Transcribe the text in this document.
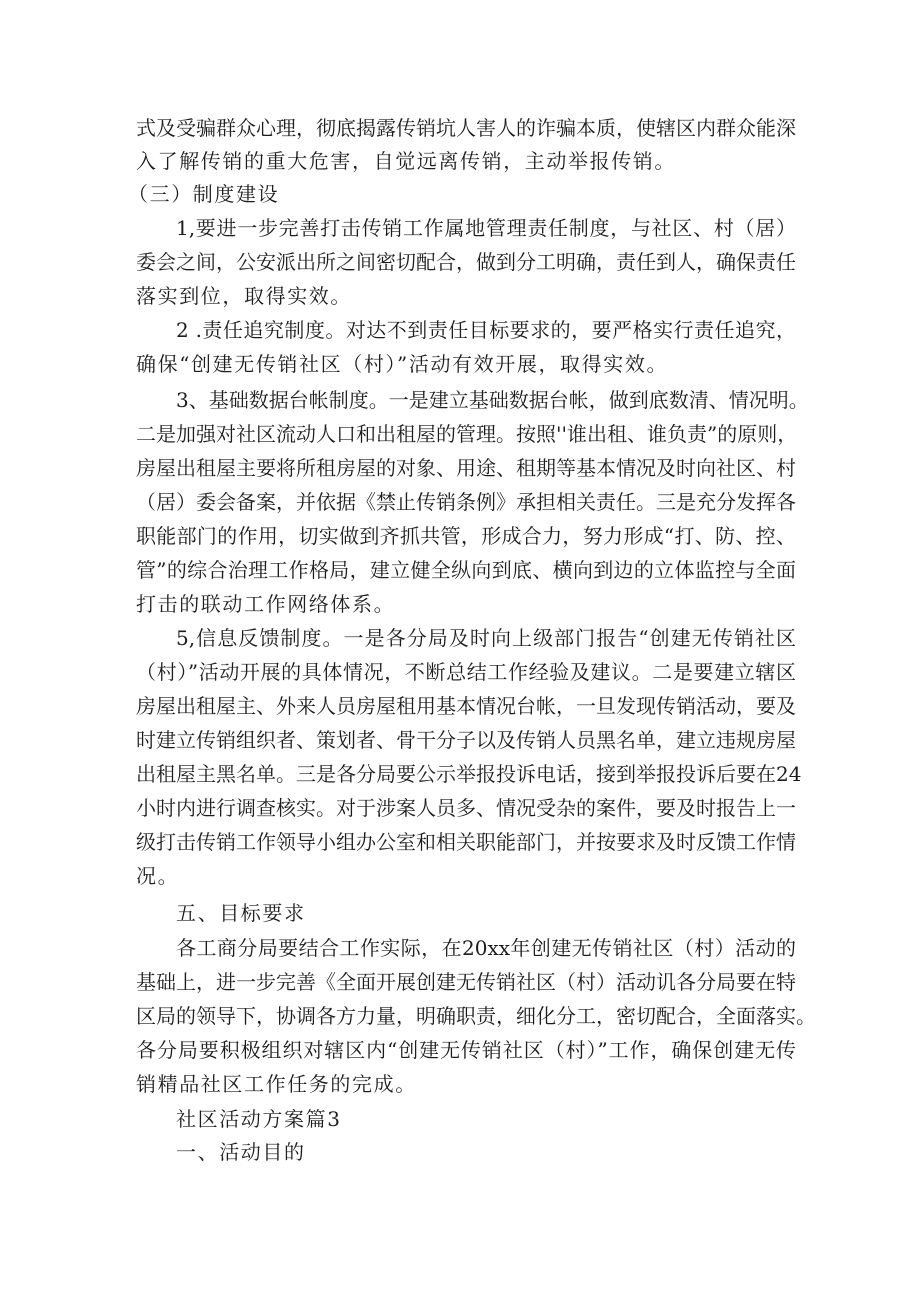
式及受骗群众心理，彻底揭露传销坑人害人的诈骗本质，使辖区内群众能深
入了解传销的重大危害，自觉远离传销，主动举报传销。
（三）制度建设
1,要进一步完善打击传销工作属地管理责任制度，与社区、村（居）
委会之间，公安派出所之间密切配合，做到分工明确，责任到人，确保责任
落实到位，取得实效。
2 .责任追究制度。对达不到责任目标要求的，要严格实行责任追究，
确保“创建无传销社区（村）”活动有效开展，取得实效。
3、基础数据台帐制度。一是建立基础数据台帐，做到底数清、情况明。
二是加强对社区流动人口和出租屋的管理。按照''谁出租、谁负责”的原则，
房屋出租屋主要将所租房屋的对象、用途、租期等基本情况及时向社区、村
（居）委会备案，并依据《禁止传销条例》承担相关责任。三是充分发挥各
职能部门的作用，切实做到齐抓共管，形成合力，努力形成“打、防、控、
管”的综合治理工作格局，建立健全纵向到底、横向到边的立体监控与全面
打击的联动工作网络体系。
5,信息反馈制度。一是各分局及时向上级部门报告“创建无传销社区
（村）”活动开展的具体情况，不断总结工作经验及建议。二是要建立辖区
房屋出租屋主、外来人员房屋租用基本情况台帐，一旦发现传销活动，要及
时建立传销组织者、策划者、骨干分子以及传销人员黑名单，建立违规房屋
出租屋主黑名单。三是各分局要公示举报投诉电话，接到举报投诉后要在24
小时内进行调查核实。对于涉案人员多、情况受杂的案件，要及时报告上一
级打击传销工作领导小组办公室和相关职能部门，并按要求及时反馈工作情
况。
五、目标要求
各工商分局要结合工作实际，在20xx年创建无传销社区（村）活动的
基础上，进一步完善《全面开展创建无传销社区（村）活动讥各分局要在特
区局的领导下，协调各方力量，明确职责，细化分工，密切配合，全面落实。
各分局要积极组织对辖区内“创建无传销社区（村）”工作，确保创建无传
销精品社区工作任务的完成。
社区活动方案篇3
一、活动目的
